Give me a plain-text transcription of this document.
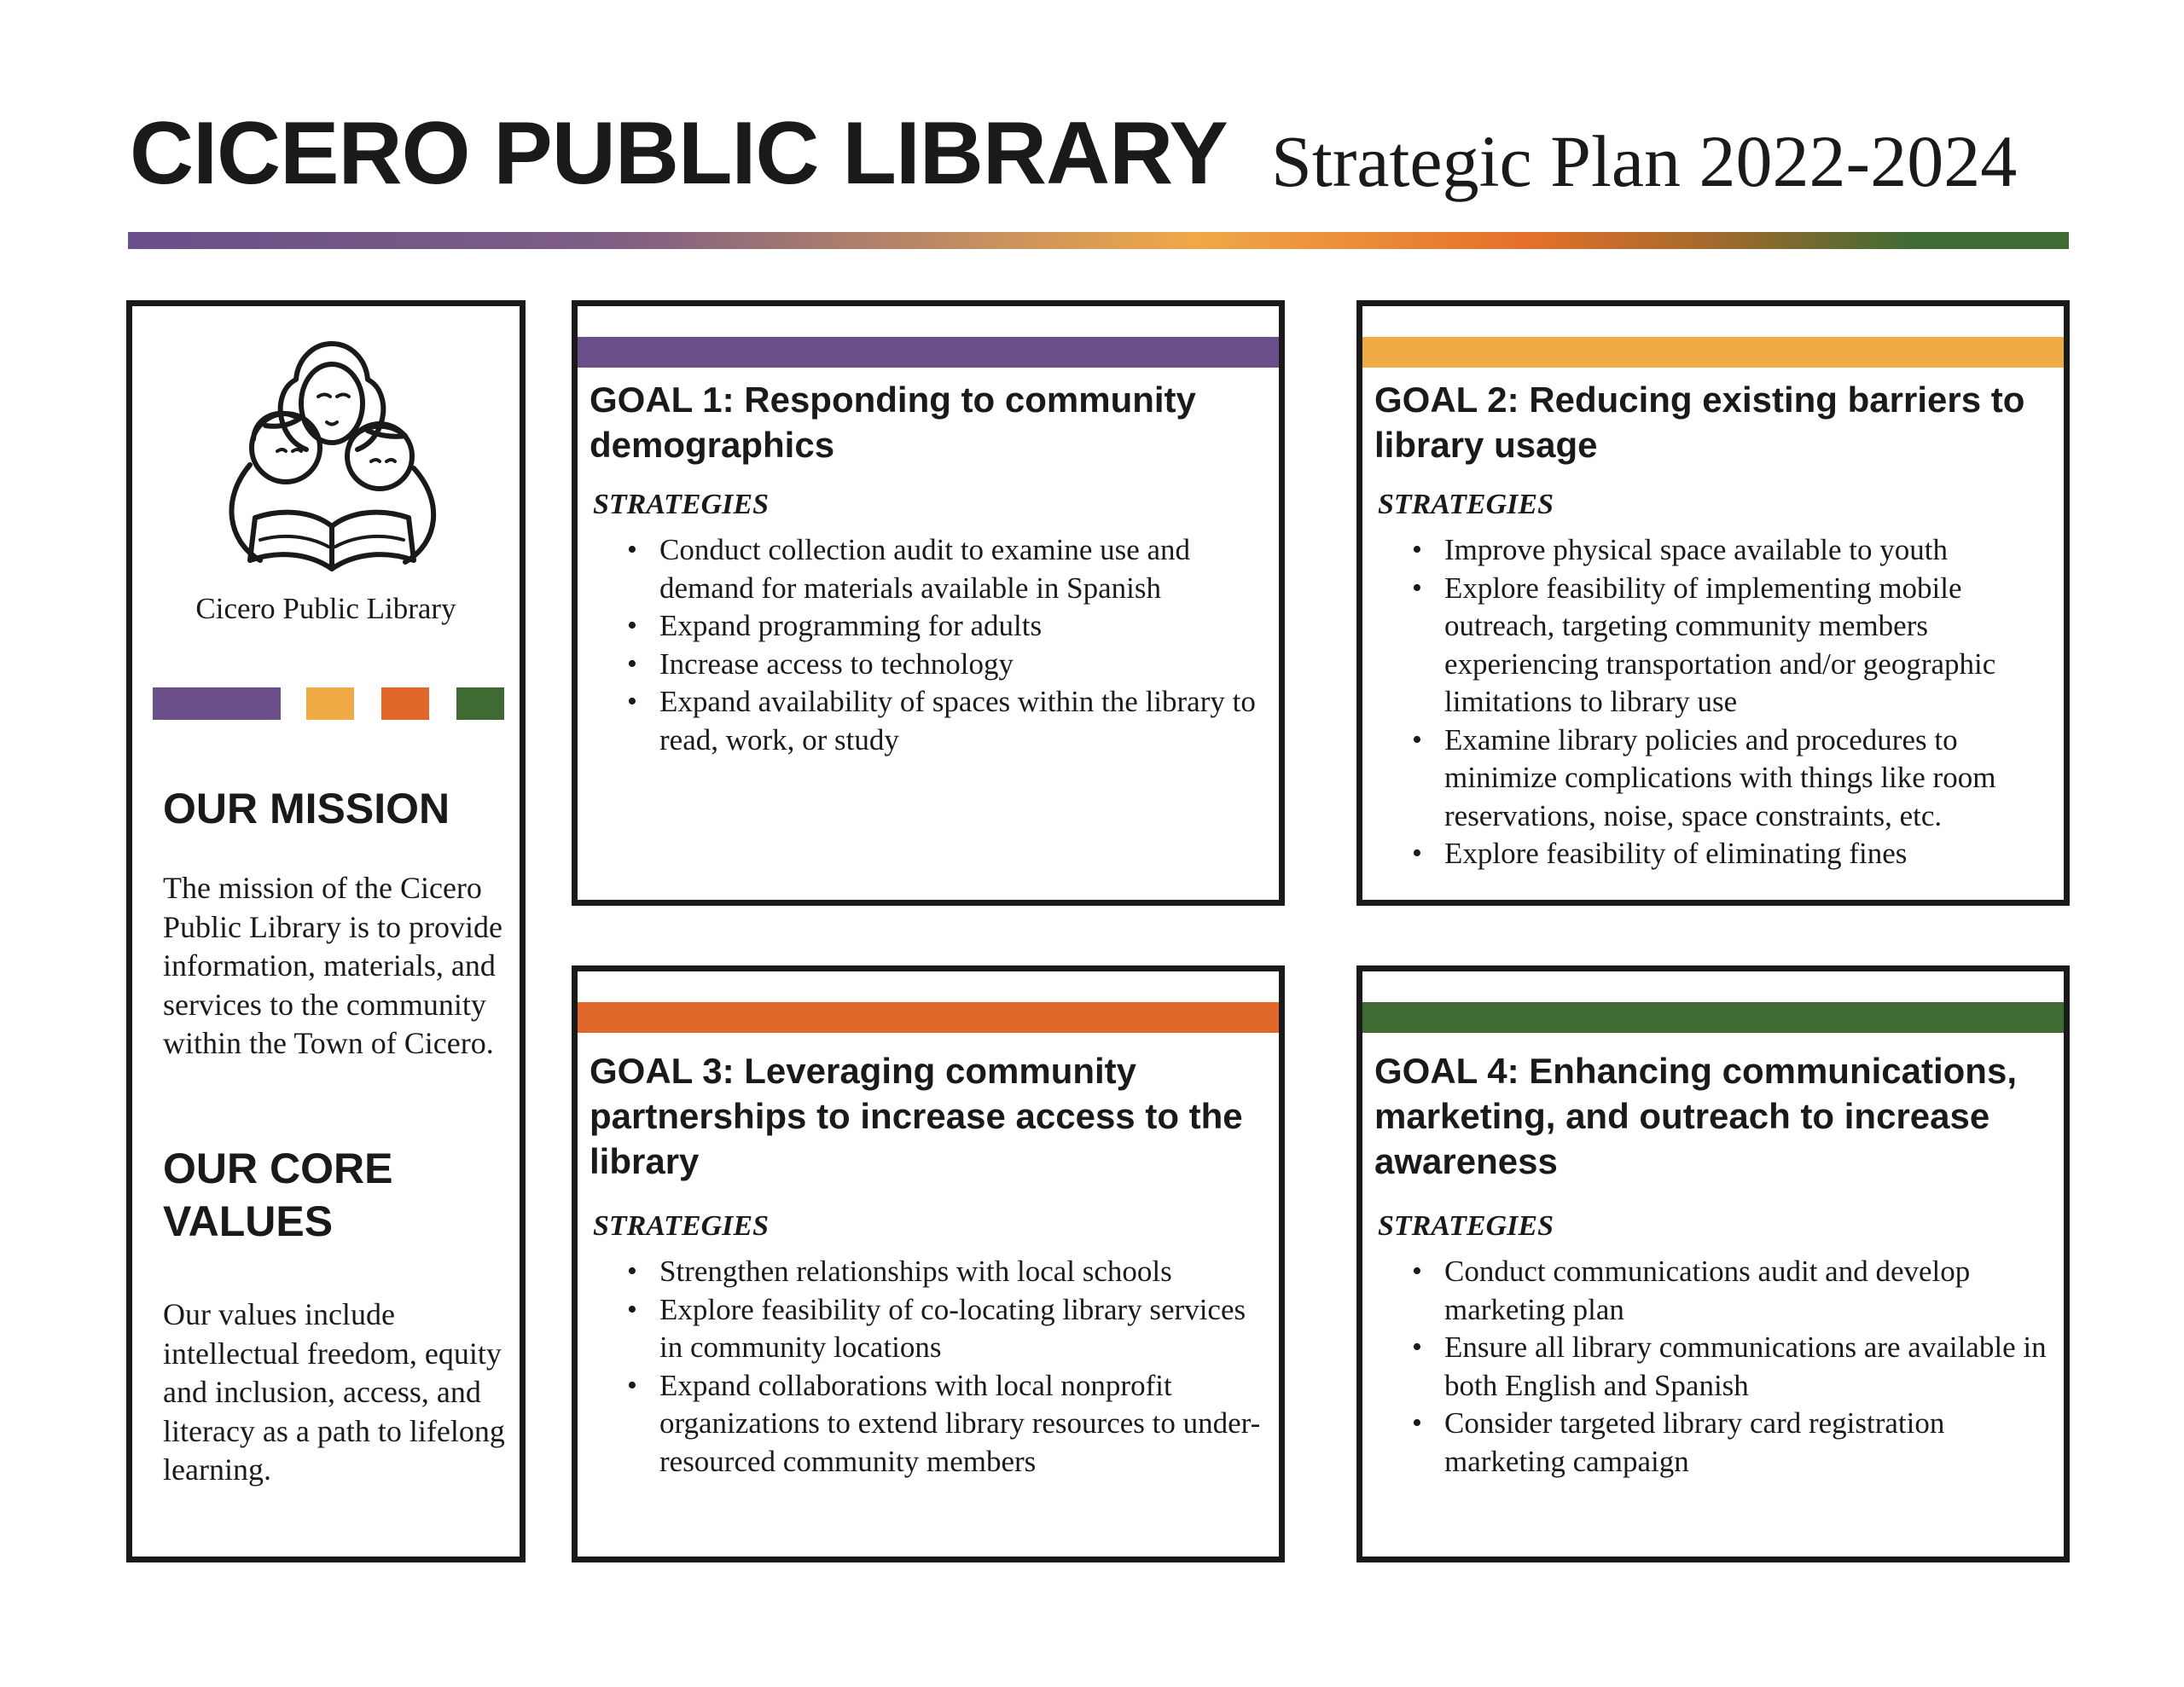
CICERO PUBLIC LIBRARY Strategic Plan 2022-2024

Cicero Public Library

OUR MISSION

The mission of the Cicero Public Library is to provide information, materials, and services to the community within the Town of Cicero.

OUR CORE VALUES

Our values include intellectual freedom, equity and inclusion, access, and literacy as a path to lifelong learning.

GOAL 1: Responding to community demographics

STRATEGIES

• Conduct collection audit to examine use and demand for materials available in Spanish
• Expand programming for adults
• Increase access to technology
• Expand availability of spaces within the library to read, work, or study
GOAL 2: Reducing existing barriers to library usage

STRATEGIES

• Improve physical space available to youth
• Explore feasibility of implementing mobile outreach, targeting community members experiencing transportation and/or geographic limitations to library use
• Examine library policies and procedures to minimize complications with things like room reservations, noise, space constraints, etc.
• Explore feasibility of eliminating fines
GOAL 3: Leveraging community partnerships to increase access to the library

STRATEGIES

• Strengthen relationships with local schools
• Explore feasibility of co-locating library services in community locations
• Expand collaborations with local nonprofit organizations to extend library resources to under-resourced community members
GOAL 4: Enhancing communications, marketing, and outreach to increase awareness

STRATEGIES

• Conduct communications audit and develop marketing plan
• Ensure all library communications are available in both English and Spanish
• Consider targeted library card registration marketing campaign
